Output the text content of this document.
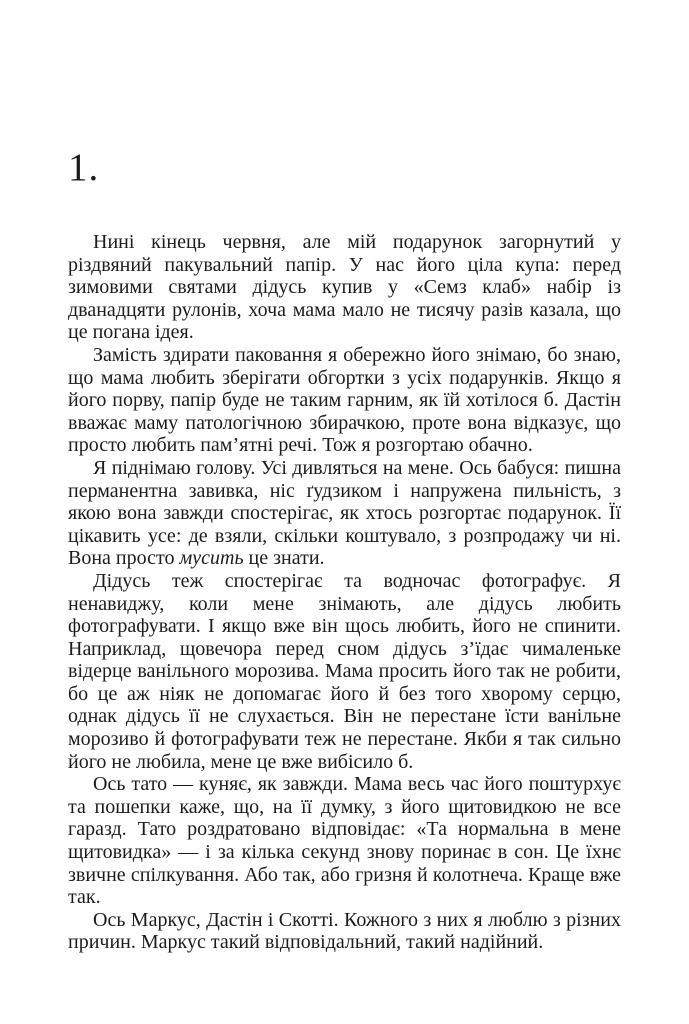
1.

Нині кінець червня, але мій подарунок загорнутий у різдвяний пакувальний папір. У нас його ціла купа: перед зимовими святами дідусь купив у «Семз клаб» набір із дванадцяти рулонів, хоча мама мало не тисячу разів казала, що це погана ідея.

Замість здирати паковання я обережно його знімаю, бо знаю, що мама любить зберігати обгортки з усіх подарунків. Якщо я його порву, папір буде не таким гарним, як їй хотілося б. Дастін вважає маму патологічною збирачкою, проте вона відказує, що просто любить пам’ятні речі. Тож я розгортаю обачно.

Я піднімаю голову. Усі дивляться на мене. Ось бабуся: пишна перманентна завивка, ніс ґудзиком і напружена пильність, з якою вона завжди спостерігає, як хтось розгортає подарунок. Її цікавить усе: де взяли, скільки коштувало, з розпродажу чи ні. Вона просто мусить це знати.

Дідусь теж спостерігає та водночас фотографує. Я ненавиджу, коли мене знімають, але дідусь любить фотографувати. І якщо вже він щось любить, його не спинити. Наприклад, щовечора перед сном дідусь з’їдає чималеньке відерце ванільного морозива. Мама просить його так не робити, бо це аж ніяк не допомагає його й без того хворому серцю, однак дідусь її не слухається. Він не перестане їсти ванільне морозиво й фотографувати теж не перестане. Якби я так сильно його не любила, мене це вже вибісило б.

Ось тато — куняє, як завжди. Мама весь час його поштурхує та пошепки каже, що, на її думку, з його щитовидкою не все гаразд. Тато роздратовано відповідає: «Та нормальна в мене щитовидка» — і за кілька секунд знову поринає в сон. Це їхнє звичне спілкування. Або так, або гризня й колотнеча. Краще вже так.

Ось Маркус, Дастін і Скотті. Кожного з них я люблю з різних причин. Маркус такий відповідальний, такий надійний.
